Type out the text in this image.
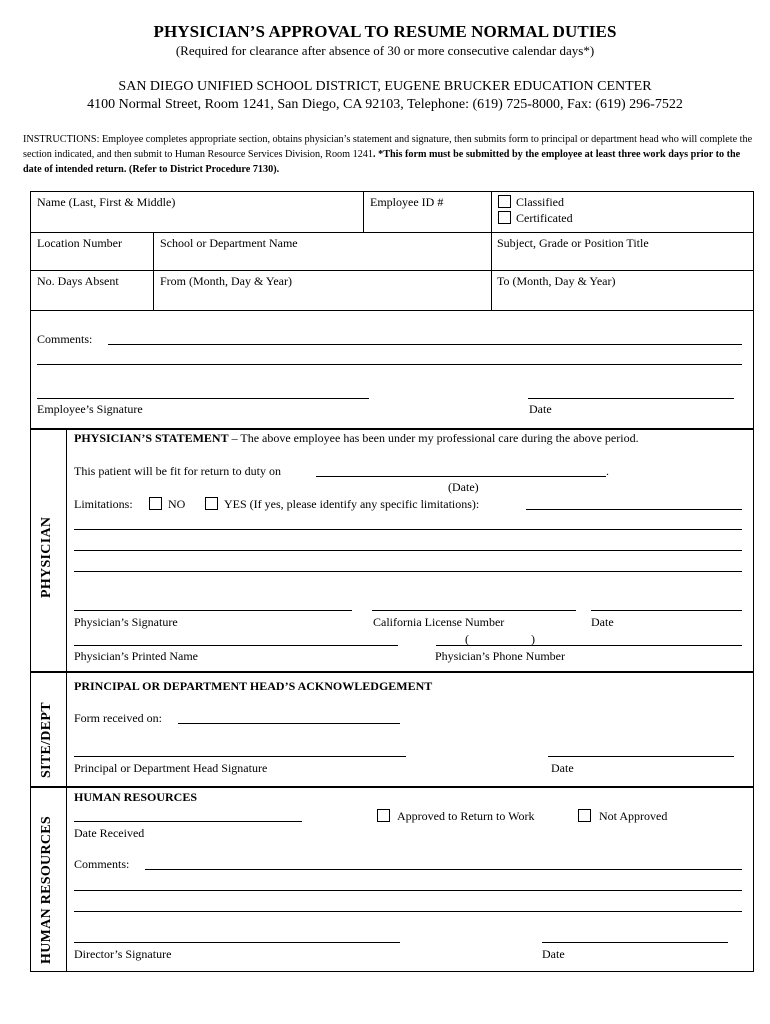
PHYSICIAN’S APPROVAL TO RESUME NORMAL DUTIES
(Required for clearance after absence of 30 or more consecutive calendar days*)
SAN DIEGO UNIFIED SCHOOL DISTRICT, EUGENE BRUCKER EDUCATION CENTER
4100 Normal Street, Room 1241, San Diego, CA 92103, Telephone: (619) 725-8000, Fax: (619) 296-7522
INSTRUCTIONS: Employee completes appropriate section, obtains physician’s statement and signature, then submits form to principal or department head who will complete the section indicated, and then submit to Human Resource Services Division, Room 1241. *This form must be submitted by the employee at least three work days prior to the date of intended return. (Refer to District Procedure 7130).
Name (Last, First & Middle)	Employee ID #	Classified
Certificated
Location Number	School or Department Name	Subject, Grade or Position Title
No. Days Absent	From (Month, Day & Year)	To (Month, Day & Year)
Comments:
Employee’s Signature	Date
PHYSICIAN
PHYSICIAN’S STATEMENT – The above employee has been under my professional care during the above period.
This patient will be fit for return to duty on	.
(Date)
Limitations:	NO	YES (If yes, please identify any specific limitations):
Physician’s Signature	California License Number	Date
(	)
Physician’s Printed Name	Physician’s Phone Number
SITE/DEPT
PRINCIPAL OR DEPARTMENT HEAD’S ACKNOWLEDGEMENT
Form received on:
Principal or Department Head Signature	Date
HUMAN RESOURCES
HUMAN RESOURCES
Date Received
Approved to Return to Work	Not Approved
Comments:
Director’s Signature	Date
